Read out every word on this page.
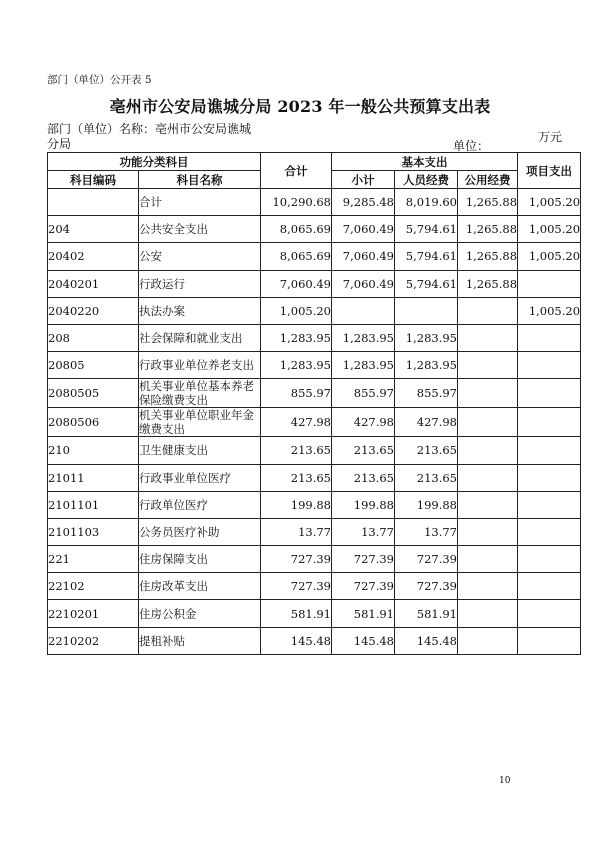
部门（单位）公开表 5
亳州市公安局谯城分局 2023 年一般公共预算支出表
部门（单位）名称：亳州市公安局谯城分局	单位：
万元
功能分类科目		合计	基本支出			项目支出
科目编码	科目名称		小计	人员经费	公用经费	
	合计	10,290.68	9,285.48	8,019.60	1,265.88	1,005.20
204	公共安全支出	8,065.69	7,060.49	5,794.61	1,265.88	1,005.20
20402	公安	8,065.69	7,060.49	5,794.61	1,265.88	1,005.20
2040201	行政运行	7,060.49	7,060.49	5,794.61	1,265.88	
2040220	执法办案	1,005.20				1,005.20
208	社会保障和就业支出	1,283.95	1,283.95	1,283.95		
20805	行政事业单位养老支出	1,283.95	1,283.95	1,283.95		
2080505	机关事业单位基本养老保险缴费支出	855.97	855.97	855.97		
2080506	机关事业单位职业年金缴费支出	427.98	427.98	427.98		
210	卫生健康支出	213.65	213.65	213.65		
21011	行政事业单位医疗	213.65	213.65	213.65		
2101101	行政单位医疗	199.88	199.88	199.88		
2101103	公务员医疗补助	13.77	13.77	13.77		
221	住房保障支出	727.39	727.39	727.39		
22102	住房改革支出	727.39	727.39	727.39		
2210201	住房公积金	581.91	581.91	581.91		
2210202	提租补贴	145.48	145.48	145.48		
10
